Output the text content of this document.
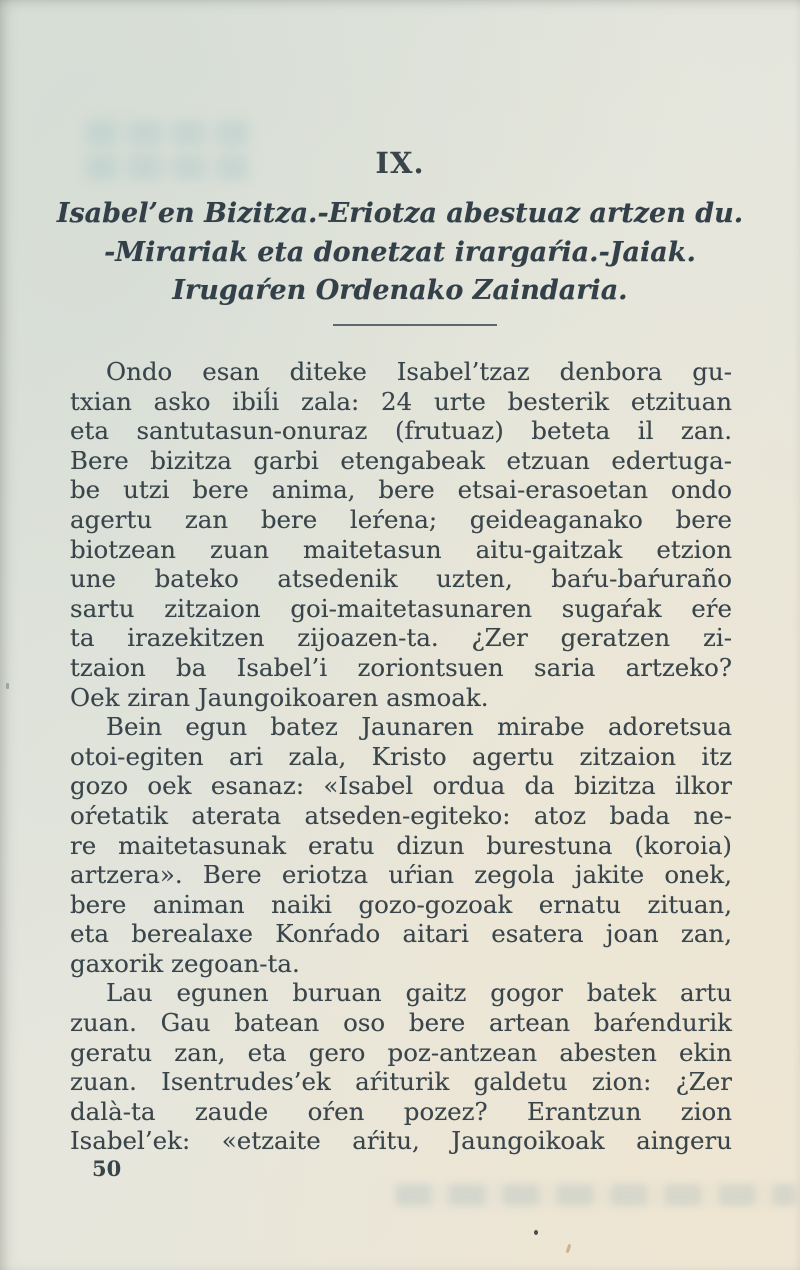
IX.
Isabel’en Bizitza.-Eriotza abestuaz artzen du.
-Mirariak eta donetzat irargaŕia.-Jaiak.
Irugaŕen Ordenako Zaindaria.
Ondo esan diteke Isabel’tzaz denbora gu-
txian asko ibiĺi zala: 24 urte besterik etzituan
eta santutasun-onuraz (frutuaz) beteta il zan.
Bere bizitza garbi etengabeak etzuan edertuga-
be utzi bere anima, bere etsai-erasoetan ondo
agertu zan bere leŕena; geideaganako bere
biotzean zuan maitetasun aitu-gaitzak etzion
une bateko atsedenik uzten, baŕu-baŕuraño
sartu zitzaion goi-maitetasunaren sugaŕak eŕe
ta irazekitzen zijoazen-ta. ¿Zer geratzen zi-
tzaion ba Isabel’i zoriontsuen saria artzeko?
Oek ziran Jaungoikoaren asmoak.
Bein egun batez Jaunaren mirabe adoretsua
otoi-egiten ari zala, Kristo agertu zitzaion itz
gozo oek esanaz: «Isabel ordua da bizitza ilkor
oŕetatik aterata atseden-egiteko: atoz bada ne-
re maitetasunak eratu dizun burestuna (koroia)
artzera». Bere eriotza uŕian zegola jakite onek,
bere animan naiki gozo-gozoak ernatu zituan,
eta berealaxe Konŕado aitari esatera joan zan,
gaxorik zegoan-ta.
Lau egunen buruan gaitz gogor batek artu
zuan. Gau batean oso bere artean baŕendurik
geratu zan, eta gero poz-antzean abesten ekin
zuan. Isentrudes’ek aŕiturik galdetu zion: ¿Zer
dalà-ta zaude oŕen pozez? Erantzun zion
Isabel’ek: «etzaite aŕitu, Jaungoikoak aingeru
50
